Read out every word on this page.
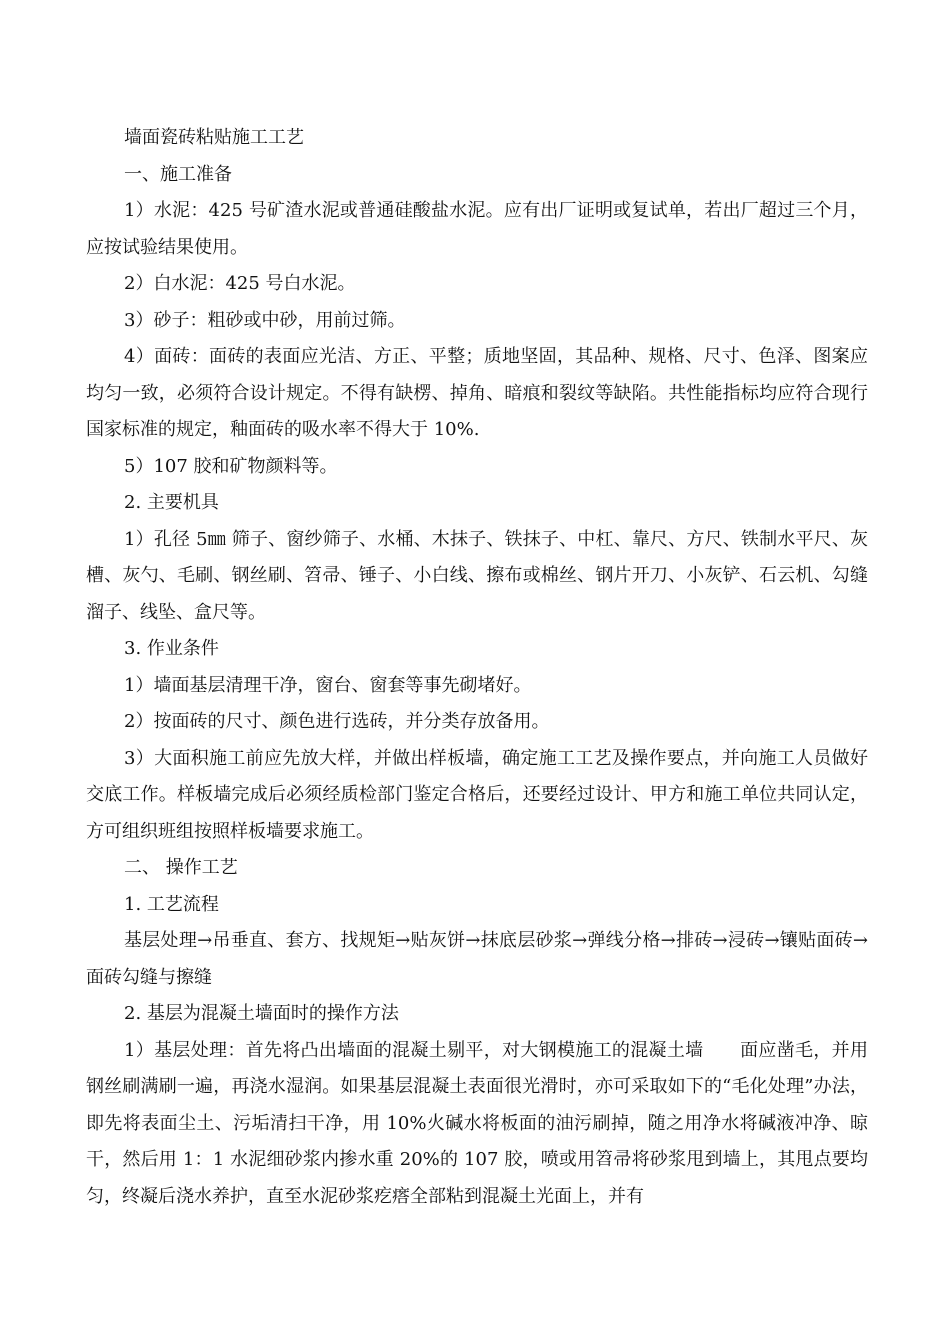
墙面瓷砖粘贴施工工艺

一、施工准备

1）水泥：425 号矿渣水泥或普通硅酸盐水泥。应有出厂证明或复试单，若出厂超过三个月，应按试验结果使用。

2）白水泥：425 号白水泥。

3）砂子：粗砂或中砂，用前过筛。

4）面砖：面砖的表面应光洁、方正、平整；质地坚固，其品种、规格、尺寸、色泽、图案应均匀一致，必须符合设计规定。不得有缺楞、掉角、暗痕和裂纹等缺陷。共性能指标均应符合现行国家标准的规定，釉面砖的吸水率不得大于 10%.

5）107 胶和矿物颜料等。

2. 主要机具

1）孔径 5㎜ 筛子、窗纱筛子、水桶、木抹子、铁抹子、中杠、靠尺、方尺、铁制水平尺、灰槽、灰勺、毛刷、钢丝刷、笤帚、锤子、小白线、擦布或棉丝、钢片开刀、小灰铲、石云机、勾缝溜子、线坠、盒尺等。

3. 作业条件

1）墙面基层清理干净，窗台、窗套等事先砌堵好。

2）按面砖的尺寸、颜色进行选砖，并分类存放备用。

3）大面积施工前应先放大样，并做出样板墙，确定施工工艺及操作要点，并向施工人员做好交底工作。样板墙完成后必须经质检部门鉴定合格后，还要经过设计、甲方和施工单位共同认定，方可组织班组按照样板墙要求施工。

二、 操作工艺

1. 工艺流程

基层处理→吊垂直、套方、找规矩→贴灰饼→抹底层砂浆→弹线分格→排砖→浸砖→镶贴面砖→面砖勾缝与擦缝

2. 基层为混凝土墙面时的操作方法

1）基层处理：首先将凸出墙面的混凝土剔平，对大钢模施工的混凝土墙　　面应凿毛，并用钢丝刷满刷一遍，再浇水湿润。如果基层混凝土表面很光滑时，亦可采取如下的“毛化处理”办法，即先将表面尘土、污垢清扫干净，用 10%火碱水将板面的油污刷掉，随之用净水将碱液冲净、晾干，然后用 1：1 水泥细砂浆内掺水重 20%的 107 胶，喷或用笤帚将砂浆甩到墙上，其甩点要均匀，终凝后浇水养护，直至水泥砂浆疙瘩全部粘到混凝土光面上，并有
